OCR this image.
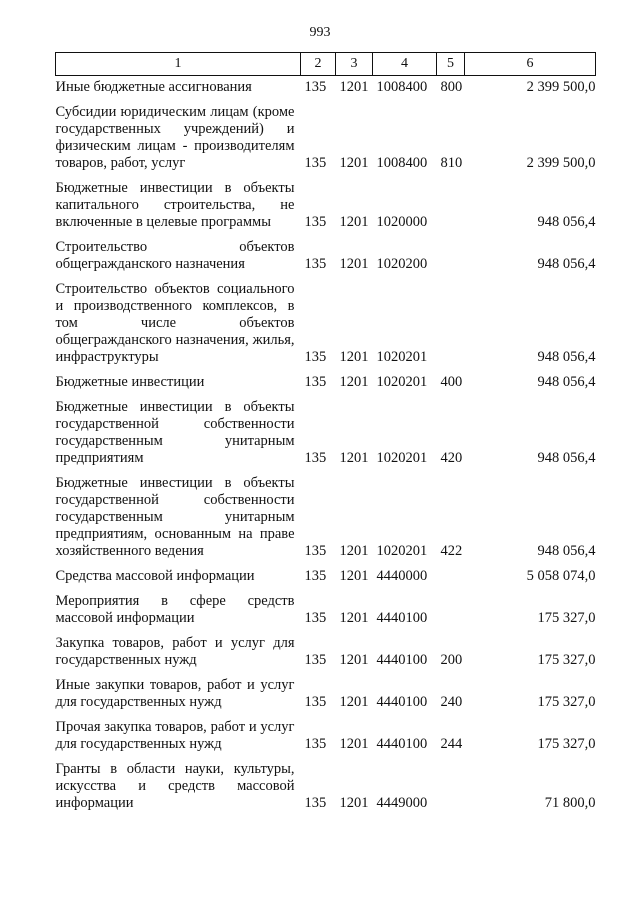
993
1	2	3	4	5	6
Иные бюджетные ассигнования	135	1201	1008400	800	2 399 500,0
Субсидии юридическим лицам (кроме государственных учреждений) и физическим лицам - производителям товаров, работ, услуг	135	1201	1008400	810	2 399 500,0
Бюджетные инвестиции в объекты капитального строительства, не включенные в целевые программы	135	1201	1020000		948 056,4
Строительство объектов общегражданского назначения	135	1201	1020200		948 056,4
Строительство объектов социального и производственного комплексов, в том числе объектов общегражданского назначения, жилья, инфраструктуры	135	1201	1020201		948 056,4
Бюджетные инвестиции	135	1201	1020201	400	948 056,4
Бюджетные инвестиции в объекты государственной собственности государственным унитарным предприятиям	135	1201	1020201	420	948 056,4
Бюджетные инвестиции в объекты государственной собственности государственным унитарным предприятиям, основанным на праве хозяйственного ведения	135	1201	1020201	422	948 056,4
Средства массовой информации	135	1201	4440000		5 058 074,0
Мероприятия в сфере средств массовой информации	135	1201	4440100		175 327,0
Закупка товаров, работ и услуг для государственных нужд	135	1201	4440100	200	175 327,0
Иные закупки товаров, работ и услуг для государственных нужд	135	1201	4440100	240	175 327,0
Прочая закупка товаров, работ и услуг для государственных нужд	135	1201	4440100	244	175 327,0
Гранты в области науки, культуры, искусства и средств массовой информации	135	1201	4449000		71 800,0
